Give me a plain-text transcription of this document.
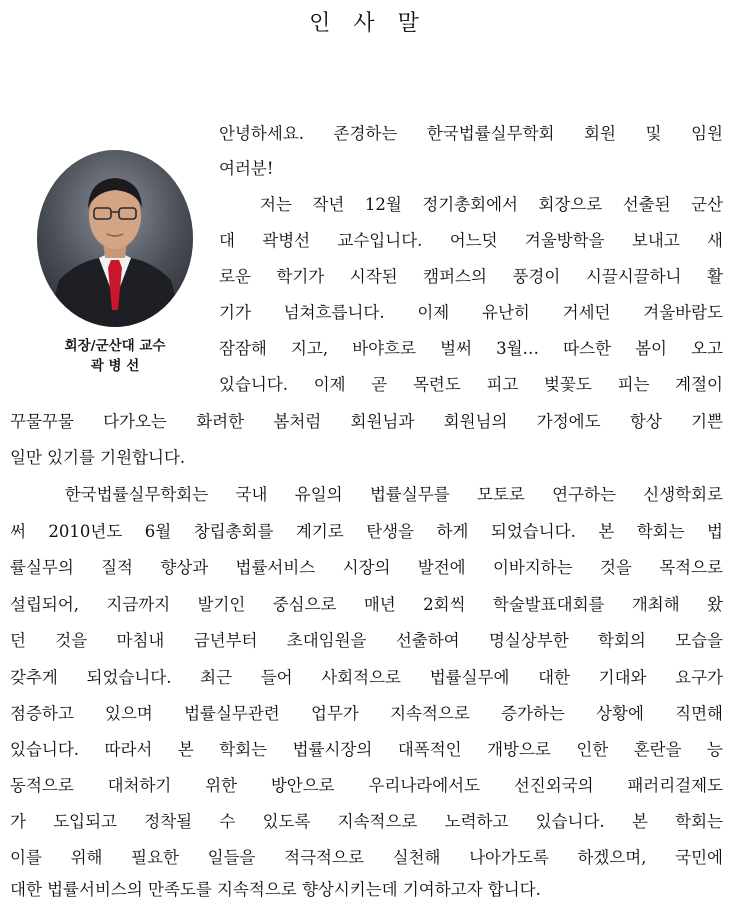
인 사 말
회장/군산대 교수
곽 병 선
안녕하세요. 존경하는 한국법률실무학회 회원 및 임원
여러분!
저는 작년 12월 정기총회에서 회장으로 선출된 군산
대 곽병선 교수입니다. 어느덧 겨울방학을 보내고 새
로운 학기가 시작된 캠퍼스의 풍경이 시끌시끌하니 활
기가 넘쳐흐릅니다. 이제 유난히 거세던 겨울바람도
잠잠해 지고, 바야흐로 벌써 3월… 따스한 봄이 오고
있습니다. 이제 곧 목련도 피고 벚꽃도 피는 계절이
꾸물꾸물 다가오는 화려한 봄처럼 회원님과 회원님의 가정에도 항상 기쁜
일만 있기를 기원합니다.
한국법률실무학회는 국내 유일의 법률실무를 모토로 연구하는 신생학회로
써 2010년도 6월 창립총회를 계기로 탄생을 하게 되었습니다. 본 학회는 법
률실무의 질적 향상과 법률서비스 시장의 발전에 이바지하는 것을 목적으로
설립되어, 지금까지 발기인 중심으로 매년 2회씩 학술발표대회를 개최해 왔
던 것을 마침내 금년부터 초대임원을 선출하여 명실상부한 학회의 모습을
갖추게 되었습니다. 최근 들어 사회적으로 법률실무에 대한 기대와 요구가
점증하고 있으며 법률실무관련 업무가 지속적으로 증가하는 상황에 직면해
있습니다. 따라서 본 학회는 법률시장의 대폭적인 개방으로 인한 혼란을 능
동적으로 대처하기 위한 방안으로 우리나라에서도 선진외국의 패러리걸제도
가 도입되고 정착될 수 있도록 지속적으로 노력하고 있습니다. 본 학회는
이를 위해 필요한 일들을 적극적으로 실천해 나아가도록 하겠으며, 국민에
대한 법률서비스의 만족도를 지속적으로 향상시키는데 기여하고자 합니다.
